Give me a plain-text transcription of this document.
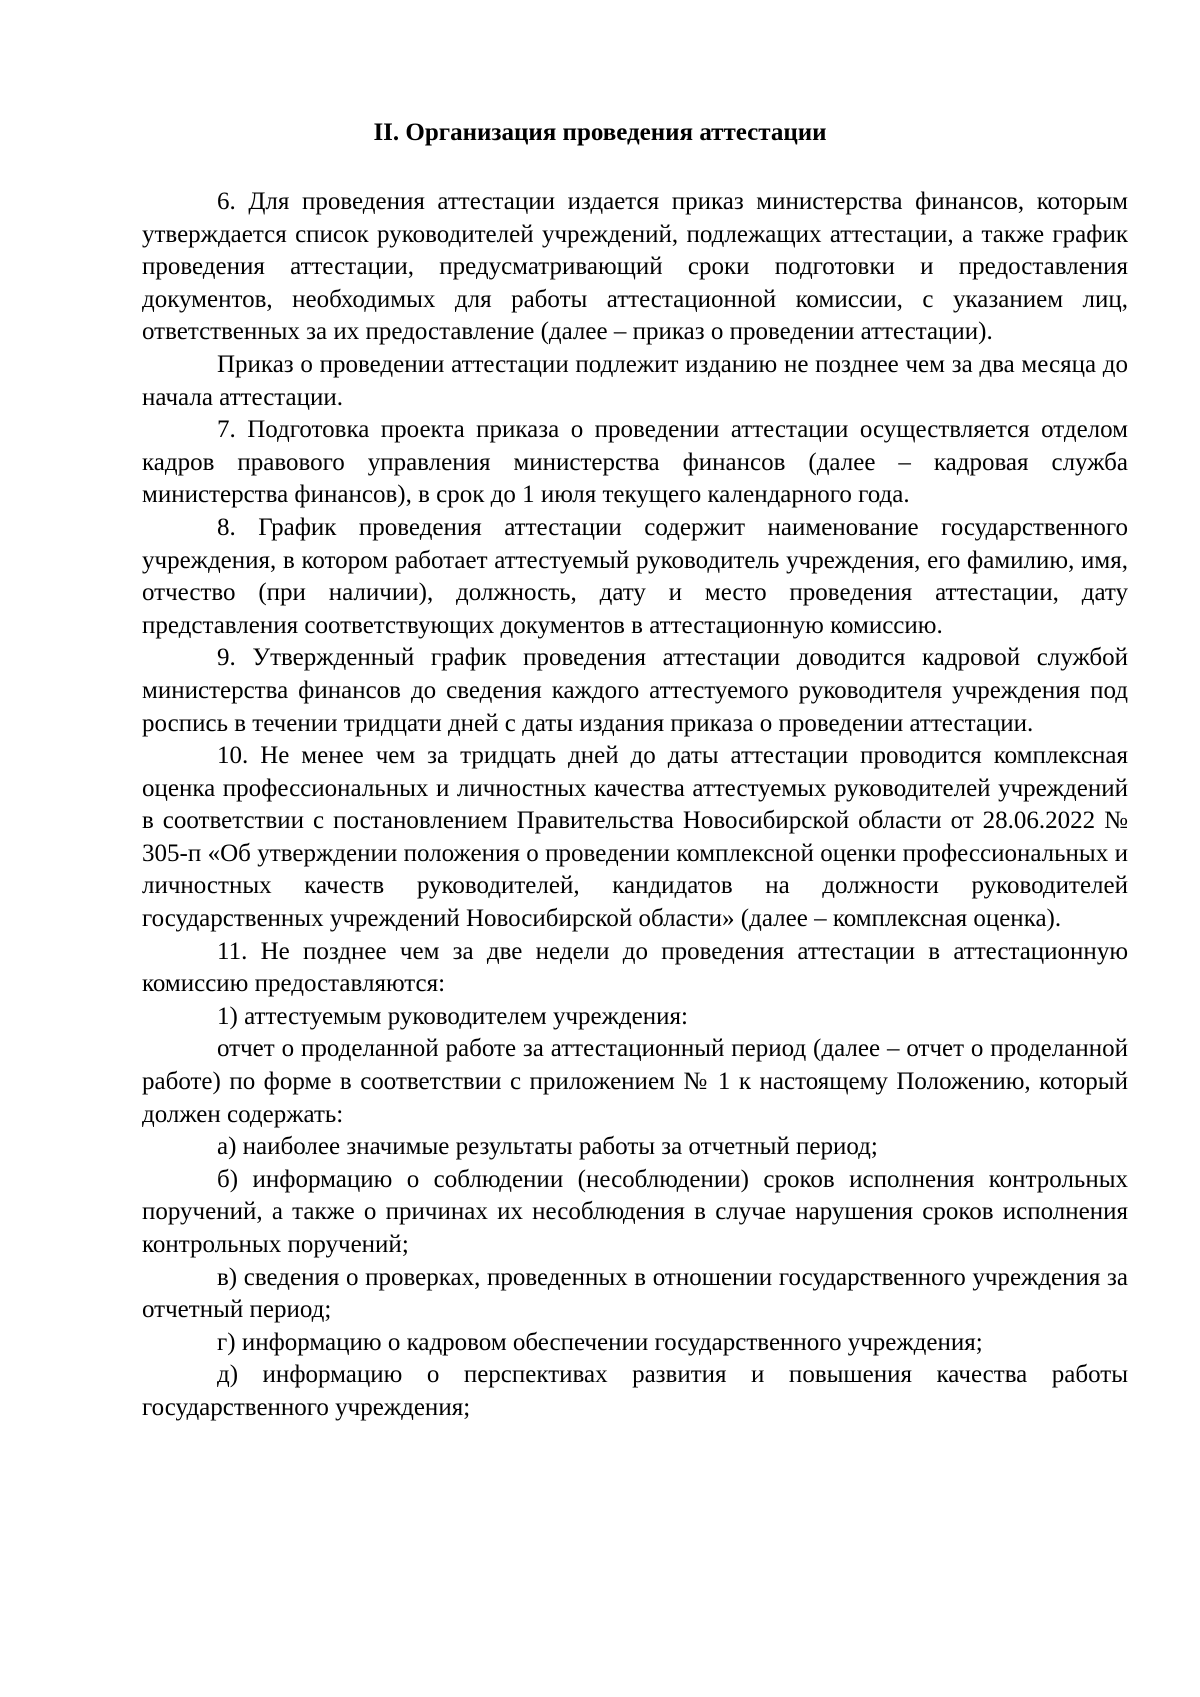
II. Организация проведения аттестации

6. Для проведения аттестации издается приказ министерства финансов, которым утверждается список руководителей учреждений, подлежащих аттестации, а также график проведения аттестации, предусматривающий сроки подготовки и предоставления документов, необходимых для работы аттестационной комиссии, с указанием лиц, ответственных за их предоставление (далее – приказ о проведении аттестации).

Приказ о проведении аттестации подлежит изданию не позднее чем за два месяца до начала аттестации.

7. Подготовка проекта приказа о проведении аттестации осуществляется отделом кадров правового управления министерства финансов (далее – кадровая служба министерства финансов), в срок до 1 июля текущего календарного года.

8. График проведения аттестации содержит наименование государственного учреждения, в котором работает аттестуемый руководитель учреждения, его фамилию, имя, отчество (при наличии), должность, дату и место проведения аттестации, дату представления соответствующих документов в аттестационную комиссию.

9. Утвержденный график проведения аттестации доводится кадровой службой министерства финансов до сведения каждого аттестуемого руководителя учреждения под роспись в течении тридцати дней с даты издания приказа о проведении аттестации.

10. Не менее чем за тридцать дней до даты аттестации проводится комплексная оценка профессиональных и личностных качества аттестуемых руководителей учреждений в соответствии с постановлением Правительства Новосибирской области от 28.06.2022 № 305-п «Об утверждении положения о проведении комплексной оценки профессиональных и личностных качеств руководителей, кандидатов на должности руководителей государственных учреждений Новосибирской области» (далее – комплексная оценка).

11. Не позднее чем за две недели до проведения аттестации в аттестационную комиссию предоставляются:

1) аттестуемым руководителем учреждения:

отчет о проделанной работе за аттестационный период (далее – отчет о проделанной работе) по форме в соответствии с приложением № 1 к настоящему Положению, который должен содержать:

а) наиболее значимые результаты работы за отчетный период;

б) информацию о соблюдении (несоблюдении) сроков исполнения контрольных поручений, а также о причинах их несоблюдения в случае нарушения сроков исполнения контрольных поручений;

в) сведения о проверках, проведенных в отношении государственного учреждения за отчетный период;

г) информацию о кадровом обеспечении государственного учреждения;

д) информацию о перспективах развития и повышения качества работы государственного учреждения;
